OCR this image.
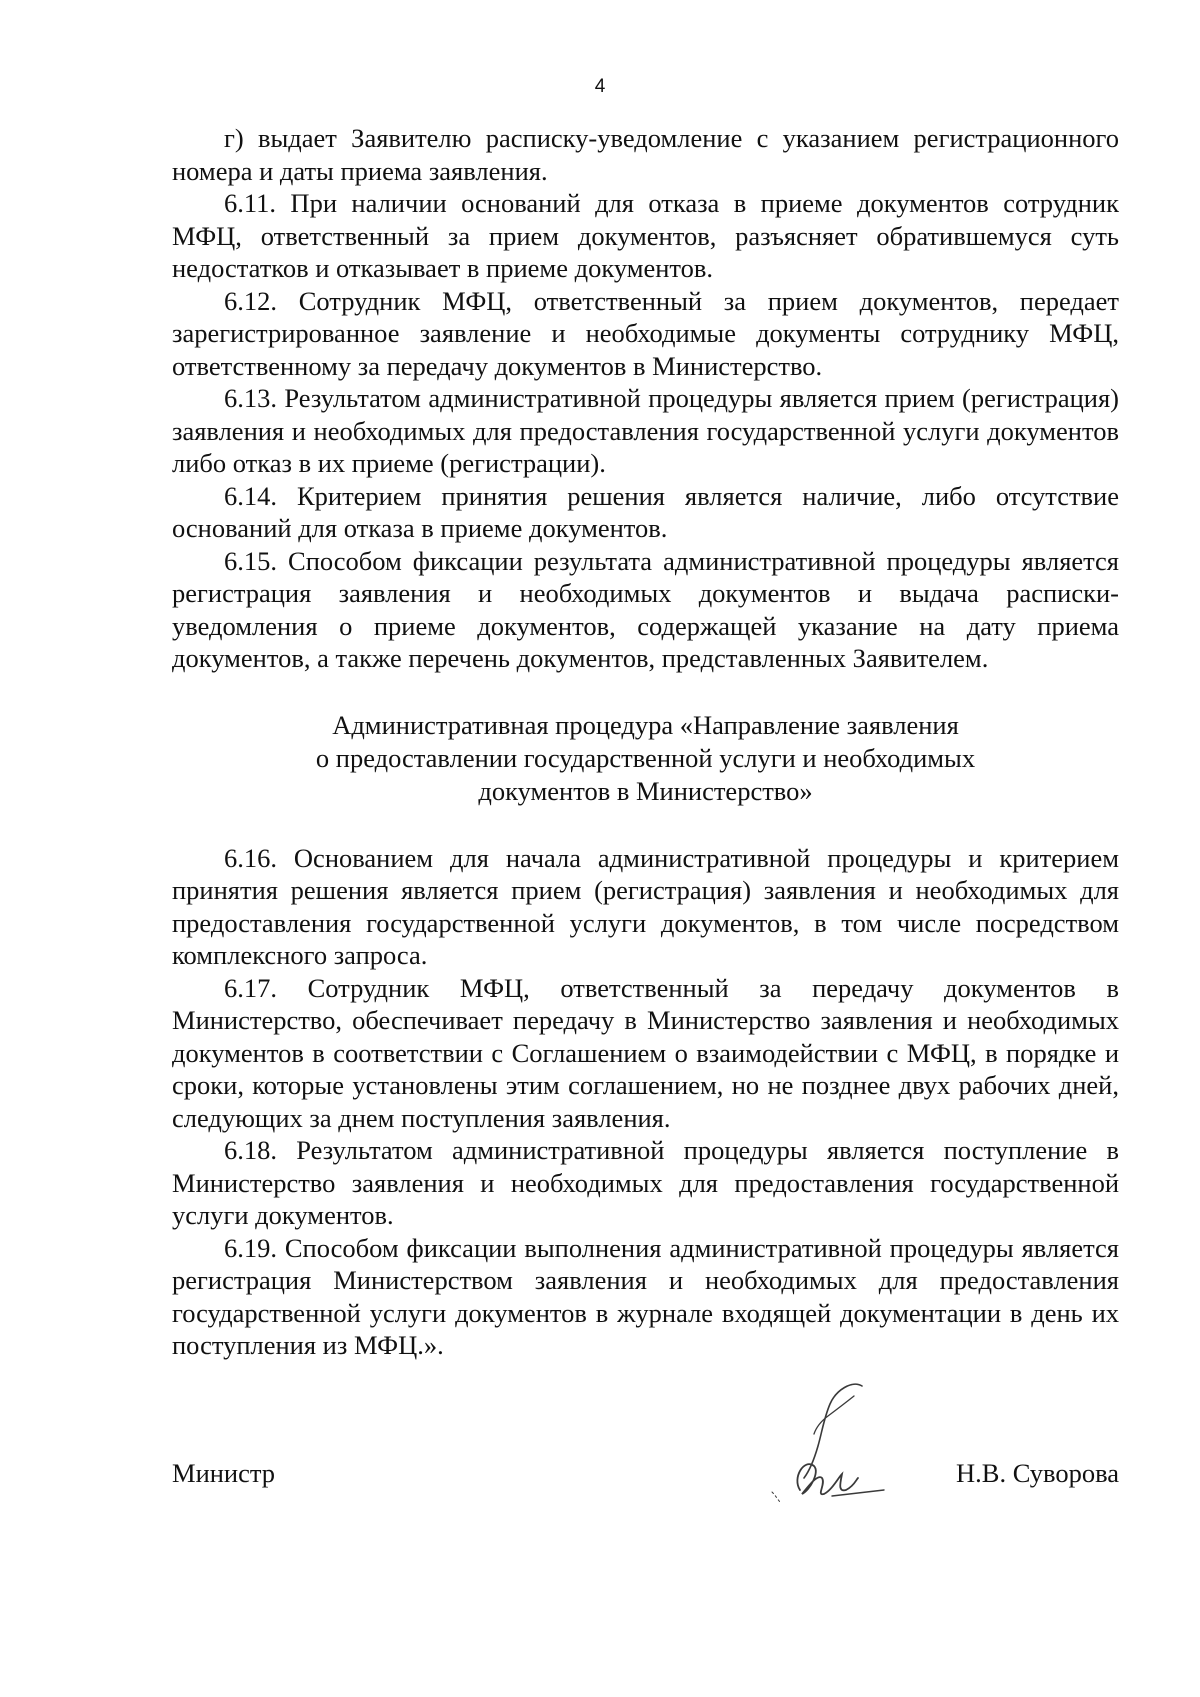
4

г) выдает Заявителю расписку-уведомление с указанием регистрационного номера и даты приема заявления.

6.11. При наличии оснований для отказа в приеме документов сотрудник МФЦ, ответственный за прием документов, разъясняет обратившемуся суть недостатков и отказывает в приеме документов.

6.12. Сотрудник МФЦ, ответственный за прием документов, передает зарегистрированное заявление и необходимые документы сотруднику МФЦ, ответственному за передачу документов в Министерство.

6.13. Результатом административной процедуры является прием (регистрация) заявления и необходимых для предоставления государственной услуги документов либо отказ в их приеме (регистрации).

6.14. Критерием принятия решения является наличие, либо отсутствие оснований для отказа в приеме документов.

6.15. Способом фиксации результата административной процедуры является регистрация заявления и необходимых документов и выдача расписки-уведомления о приеме документов, содержащей указание на дату приема документов, а также перечень документов, представленных Заявителем.

Административная процедура «Направление заявления
о предоставлении государственной услуги и необходимых
документов в Министерство»

6.16. Основанием для начала административной процедуры и критерием принятия решения является прием (регистрация) заявления и необходимых для предоставления государственной услуги документов, в том числе посредством комплексного запроса.

6.17. Сотрудник МФЦ, ответственный за передачу документов в Министерство, обеспечивает передачу в Министерство заявления и необходимых документов в соответствии с Соглашением о взаимодействии с МФЦ, в порядке и сроки, которые установлены этим соглашением, но не позднее двух рабочих дней, следующих за днем поступления заявления.

6.18. Результатом административной процедуры является поступление в Министерство заявления и необходимых для предоставления государственной услуги документов.

6.19. Способом фиксации выполнения административной процедуры является регистрация Министерством заявления и необходимых для предоставления государственной услуги документов в журнале входящей документации в день их поступления из МФЦ.».

Министр	Н.В. Суворова
